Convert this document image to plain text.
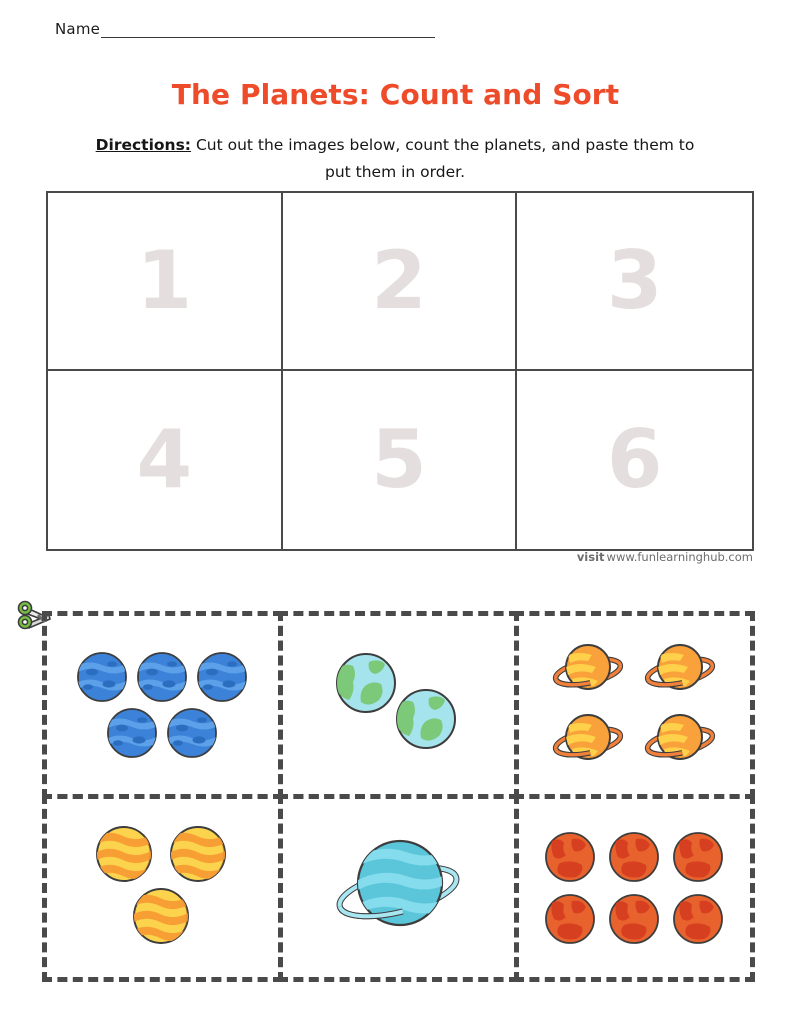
Name
The Planets: Count and Sort
Directions: Cut out the images below, count the planets, and paste them to put them in order.
1 2 3
4 5 6
visit www.funlearninghub.com
